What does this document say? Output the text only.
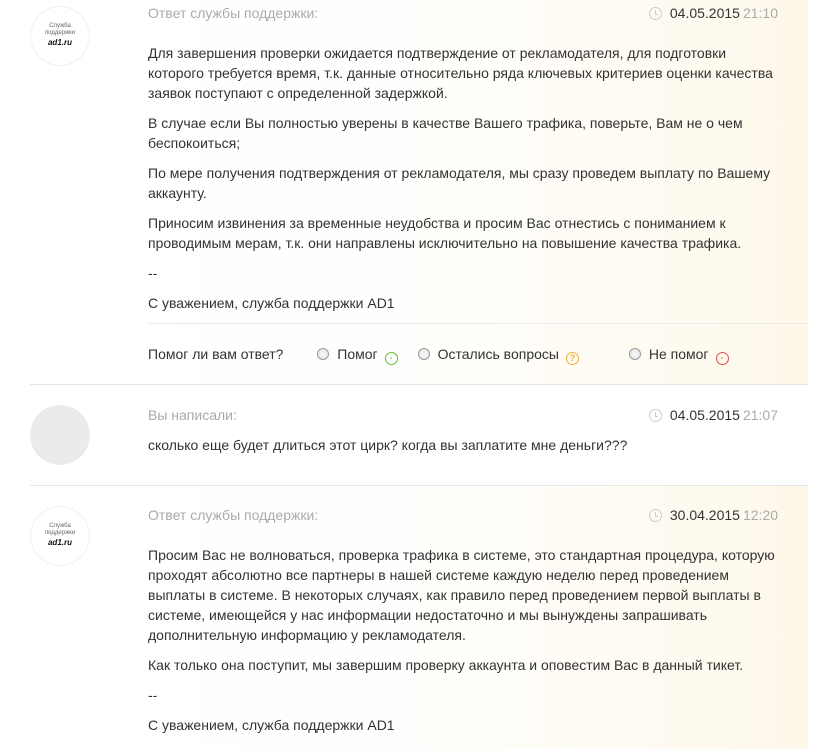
Служба
поддержки
ad1.ru
Ответ службы поддержки:	04.05.2015 21:10

Для завершения проверки ожидается подтверждение от рекламодателя, для подготовки которого требуется время, т.к. данные относительно ряда ключевых критериев оценки качества заявок поступают с определенной задержкой.

В случае если Вы полностью уверены в качестве Вашего трафика, поверьте, Вам не о чем беспокоиться;

По мере получения подтверждения от рекламодателя, мы сразу проведем выплату по Вашему аккаунту.

Приносим извинения за временные неудобства и просим Вас отнестись с пониманием к проводимым мерам, т.к. они направлены исключительно на повышение качества трафика.

--

С уважением, служба поддержки AD1

Помог ли вам ответ?	Помог ∙	Остались вопросы ?	Не помог ∙
Вы написали:	04.05.2015 21:07

сколько еще будет длиться этот цирк? когда вы заплатите мне деньги???

Служба
поддержки
ad1.ru
Ответ службы поддержки:	30.04.2015 12:20

Просим Вас не волноваться, проверка трафика в системе, это стандартная процедура, которую проходят абсолютно все партнеры в нашей системе каждую неделю перед проведением выплаты в системе. В некоторых случаях, как правило перед проведением первой выплаты в системе, имеющейся у нас информации недостаточно и мы вынуждены запрашивать дополнительную информацию у рекламодателя.

Как только она поступит, мы завершим проверку аккаунта и оповестим Вас в данный тикет.

--

С уважением, служба поддержки AD1
